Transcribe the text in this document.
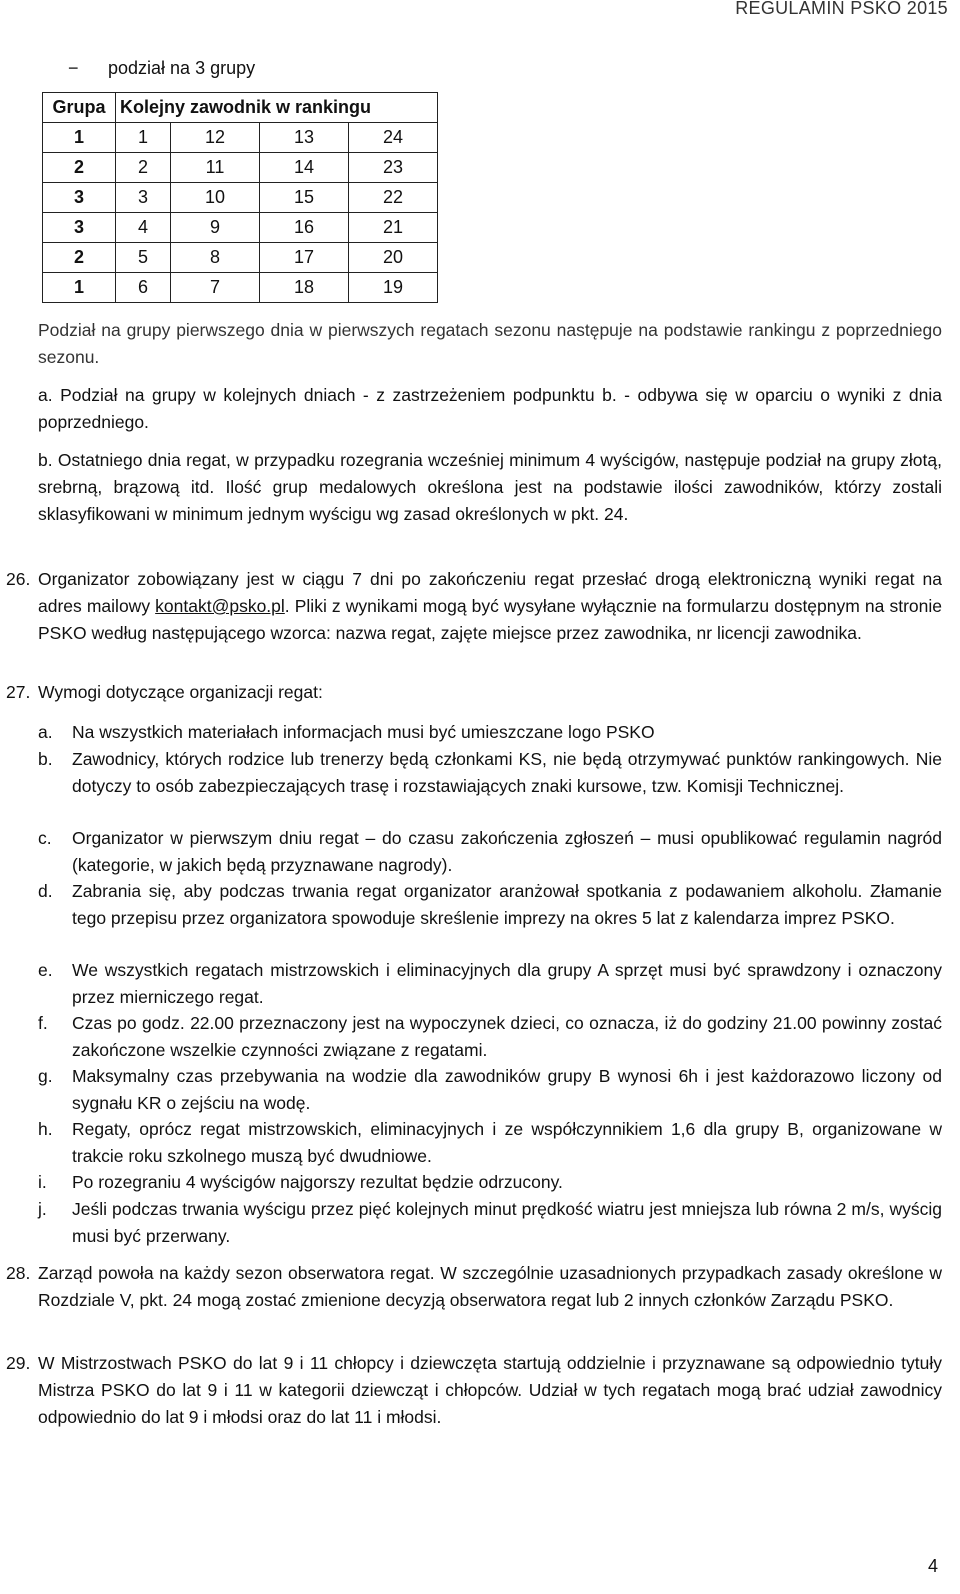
REGULAMIN PSKO 2015
− podział na 3 grupy
Grupa	Kolejny zawodnik w rankingu			
1	1	12	13	24
2	2	11	14	23
3	3	10	15	22
3	4	9	16	21
2	5	8	17	20
1	6	7	18	19
Podział na grupy pierwszego dnia w pierwszych regatach sezonu następuje na podstawie rankingu z poprzedniego sezonu.
a. Podział na grupy w kolejnych dniach - z zastrzeżeniem podpunktu b. - odbywa się w oparciu o wyniki z dnia poprzedniego.
b. Ostatniego dnia regat, w przypadku rozegrania wcześniej minimum 4 wyścigów, następuje podział na grupy złotą, srebrną, brązową itd. Ilość grup medalowych określona jest na podstawie ilości zawodników, którzy zostali sklasyfikowani w minimum jednym wyścigu wg zasad określonych w pkt. 24.
26. Organizator zobowiązany jest w ciągu 7 dni po zakończeniu regat przesłać drogą elektroniczną wyniki regat na adres mailowy kontakt@psko.pl. Pliki z wynikami mogą być wysyłane wyłącznie na formularzu dostępnym na stronie PSKO według następującego wzorca: nazwa regat, zajęte miejsce przez zawodnika, nr licencji zawodnika.
27. Wymogi dotyczące organizacji regat:
a. Na wszystkich materiałach informacjach musi być umieszczane logo PSKO
b. Zawodnicy, których rodzice lub trenerzy będą członkami KS, nie będą otrzymywać punktów rankingowych. Nie dotyczy to osób zabezpieczających trasę i rozstawiających znaki kursowe, tzw. Komisji Technicznej.
c. Organizator w pierwszym dniu regat – do czasu zakończenia zgłoszeń – musi opublikować regulamin nagród (kategorie, w jakich będą przyznawane nagrody).
d. Zabrania się, aby podczas trwania regat organizator aranżował spotkania z podawaniem alkoholu. Złamanie tego przepisu przez organizatora spowoduje skreślenie imprezy na okres 5 lat z kalendarza imprez PSKO.
e. We wszystkich regatach mistrzowskich i eliminacyjnych dla grupy A sprzęt musi być sprawdzony i oznaczony przez mierniczego regat.
f. Czas po godz. 22.00 przeznaczony jest na wypoczynek dzieci, co oznacza, iż do godziny 21.00 powinny zostać zakończone wszelkie czynności związane z regatami.
g. Maksymalny czas przebywania na wodzie dla zawodników grupy B wynosi 6h i jest każdorazowo liczony od sygnału KR o zejściu na wodę.
h. Regaty, oprócz regat mistrzowskich, eliminacyjnych i ze współczynnikiem 1,6 dla grupy B, organizowane w trakcie roku szkolnego muszą być dwudniowe.
i. Po rozegraniu 4 wyścigów najgorszy rezultat będzie odrzucony.
j. Jeśli podczas trwania wyścigu przez pięć kolejnych minut prędkość wiatru jest mniejsza lub równa 2 m/s, wyścig musi być przerwany.
28. Zarząd powoła na każdy sezon obserwatora regat. W szczególnie uzasadnionych przypadkach zasady określone w Rozdziale V, pkt. 24 mogą zostać zmienione decyzją obserwatora regat lub 2 innych członków Zarządu PSKO.
29. W Mistrzostwach PSKO do lat 9 i 11 chłopcy i dziewczęta startują oddzielnie i przyznawane są odpowiednio tytuły Mistrza PSKO do lat 9 i 11 w kategorii dziewcząt i chłopców. Udział w tych regatach mogą brać udział zawodnicy odpowiednio do lat 9 i młodsi oraz do lat 11 i młodsi.
4
